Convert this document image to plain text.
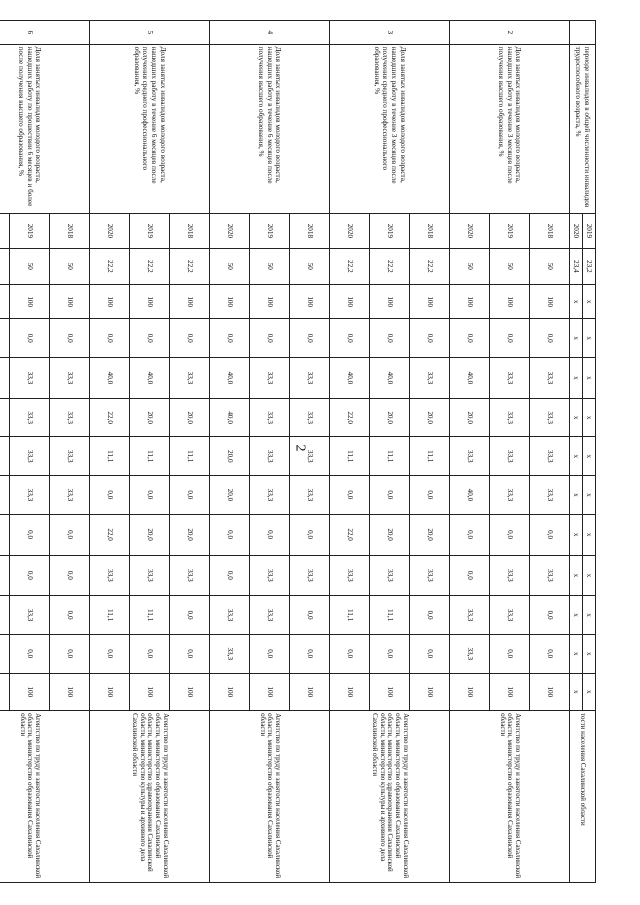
2
	периоде инвалидов в общей численности инвалидов трудоспособного возраста, %	2019	23,2	x	x	x	x	x	x	x	x	x	x	x	тости населения Сахалинской области
		2020	23,4	x	x	x	x	x	x	x	x	x	x	x	
2	Доля занятых инвалидов молодого возраста, нашедших работу в течение 3 месяцев после получения высшего образования, %	2018	50	100	0,0	33,3	33,3	33,3	33,3	0,0	33,3	0,0	0,0	100	Агентство по труду и занятости населения Сахалинской области, министерство образования Сахалинской области
		2019	50	100	0,0	33,3	33,3	33,3	33,3	0,0	33,3	33,3	0,0	100	
		2020	50	100	0,0	40,0	20,0	33,3	40,0	0,0	0,0	33,3	33,3	100	
3	Доля занятых инвалидов молодого возраста, нашедших работу в течение 3 месяцев после получения среднего профессионального образования, %	2018	22,2	100	0,0	33,3	20,0	11,1	0,0	20,0	33,3	0,0	0,0	100	Агентство по труду и занятости населения Сахалинской области, министерство образования Сахалинской области, министерство здравоохранения Сахалинской области, министерство культуры и архивного дела Сахалинской области
		2019	22,2	100	0,0	40,0	20,0	11,1	0,0	20,0	33,3	11,1	0,0	100	
		2020	22,2	100	0,0	40,0	22,0	11,1	0,0	22,0	33,3	11,1	0,0	100	
4	Доля занятых инвалидов молодого возраста, нашедших работу в течение 6 месяцев после получения высшего образования, %	2018	50	100	0,0	33,3	33,3	33,3	33,3	0,0	33,3	0,0	0,0	100	Агентство по труду и занятости населения Сахалинской области, министерство образования Сахалинской области
		2019	50	100	0,0	33,3	33,3	33,3	33,3	0,0	33,3	33,3	0,0	100	
		2020	50	100	0,0	40,0	40,0	20,0	20,0	0,0	0,0	33,3	33,3	100	
5	Доля занятых инвалидов молодого возраста, нашедших работу в течение 6 месяцев после получения среднего профессионального образования, %	2018	22,2	100	0,0	33,3	20,0	11,1	0,0	20,0	33,3	0,0	0,0	100	Агентство по труду и занятости населения Сахалинской области, министерство образования Сахалинской области, министерство здравоохранения Сахалинской области, министерство культуры и архивного дела Сахалинской области
		2019	22,2	100	0,0	40,0	20,0	11,1	0,0	20,0	33,3	11,1	0,0	100	
		2020	22,2	100	0,0	40,0	22,0	11,1	0,0	22,0	33,3	11,1	0,0	100	
6	Доля занятых инвалидов молодого возраста, нашедших работу по прошествии 6 месяцев и более после получения высшего образования, %	2018	50	100	0,0	33,3	33,3	33,3	33,3	0,0	0,0	0,0	0,0	100	Агентство по труду и занятости населения Сахалинской области, министерство образования Сахалинской области
		2019	50	100	0,0	33,3	33,3	33,3	33,3	0,0	0,0	33,3	0,0	100	
